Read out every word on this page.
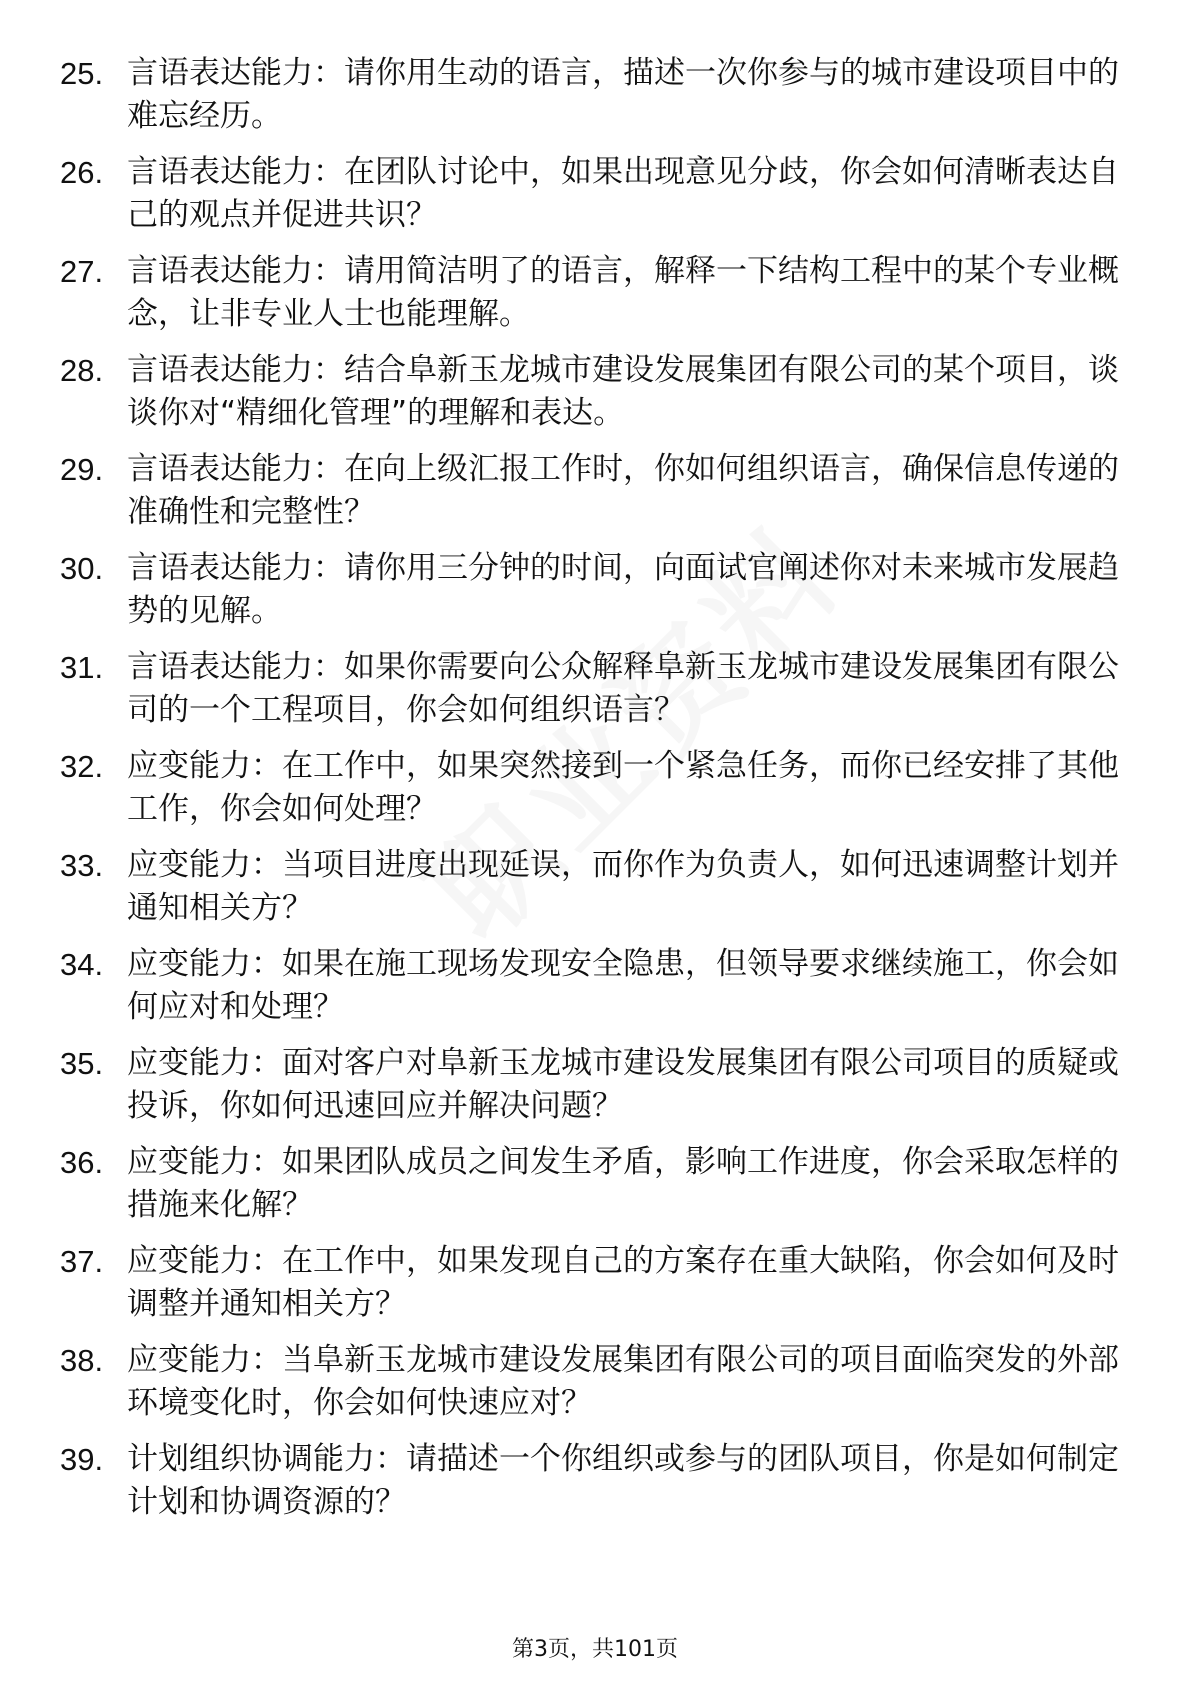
25. 言语表达能力：请你用生动的语言，描述一次你参与的城市建设项目中的难忘经历。
26. 言语表达能力：在团队讨论中，如果出现意见分歧，你会如何清晰表达自己的观点并促进共识？
27. 言语表达能力：请用简洁明了的语言，解释一下结构工程中的某个专业概念，让非专业人士也能理解。
28. 言语表达能力：结合阜新玉龙城市建设发展集团有限公司的某个项目，谈谈你对“精细化管理”的理解和表达。
29. 言语表达能力：在向上级汇报工作时，你如何组织语言，确保信息传递的准确性和完整性？
30. 言语表达能力：请你用三分钟的时间，向面试官阐述你对未来城市发展趋势的见解。
31. 言语表达能力：如果你需要向公众解释阜新玉龙城市建设发展集团有限公司的一个工程项目，你会如何组织语言？
32. 应变能力：在工作中，如果突然接到一个紧急任务，而你已经安排了其他工作，你会如何处理？
33. 应变能力：当项目进度出现延误，而你作为负责人，如何迅速调整计划并通知相关方？
34. 应变能力：如果在施工现场发现安全隐患，但领导要求继续施工，你会如何应对和处理？
35. 应变能力：面对客户对阜新玉龙城市建设发展集团有限公司项目的质疑或投诉，你如何迅速回应并解决问题？
36. 应变能力：如果团队成员之间发生矛盾，影响工作进度，你会采取怎样的措施来化解？
37. 应变能力：在工作中，如果发现自己的方案存在重大缺陷，你会如何及时调整并通知相关方？
38. 应变能力：当阜新玉龙城市建设发展集团有限公司的项目面临突发的外部环境变化时，你会如何快速应对？
39. 计划组织协调能力：请描述一个你组织或参与的团队项目，你是如何制定计划和协调资源的？
第3页，共101页
